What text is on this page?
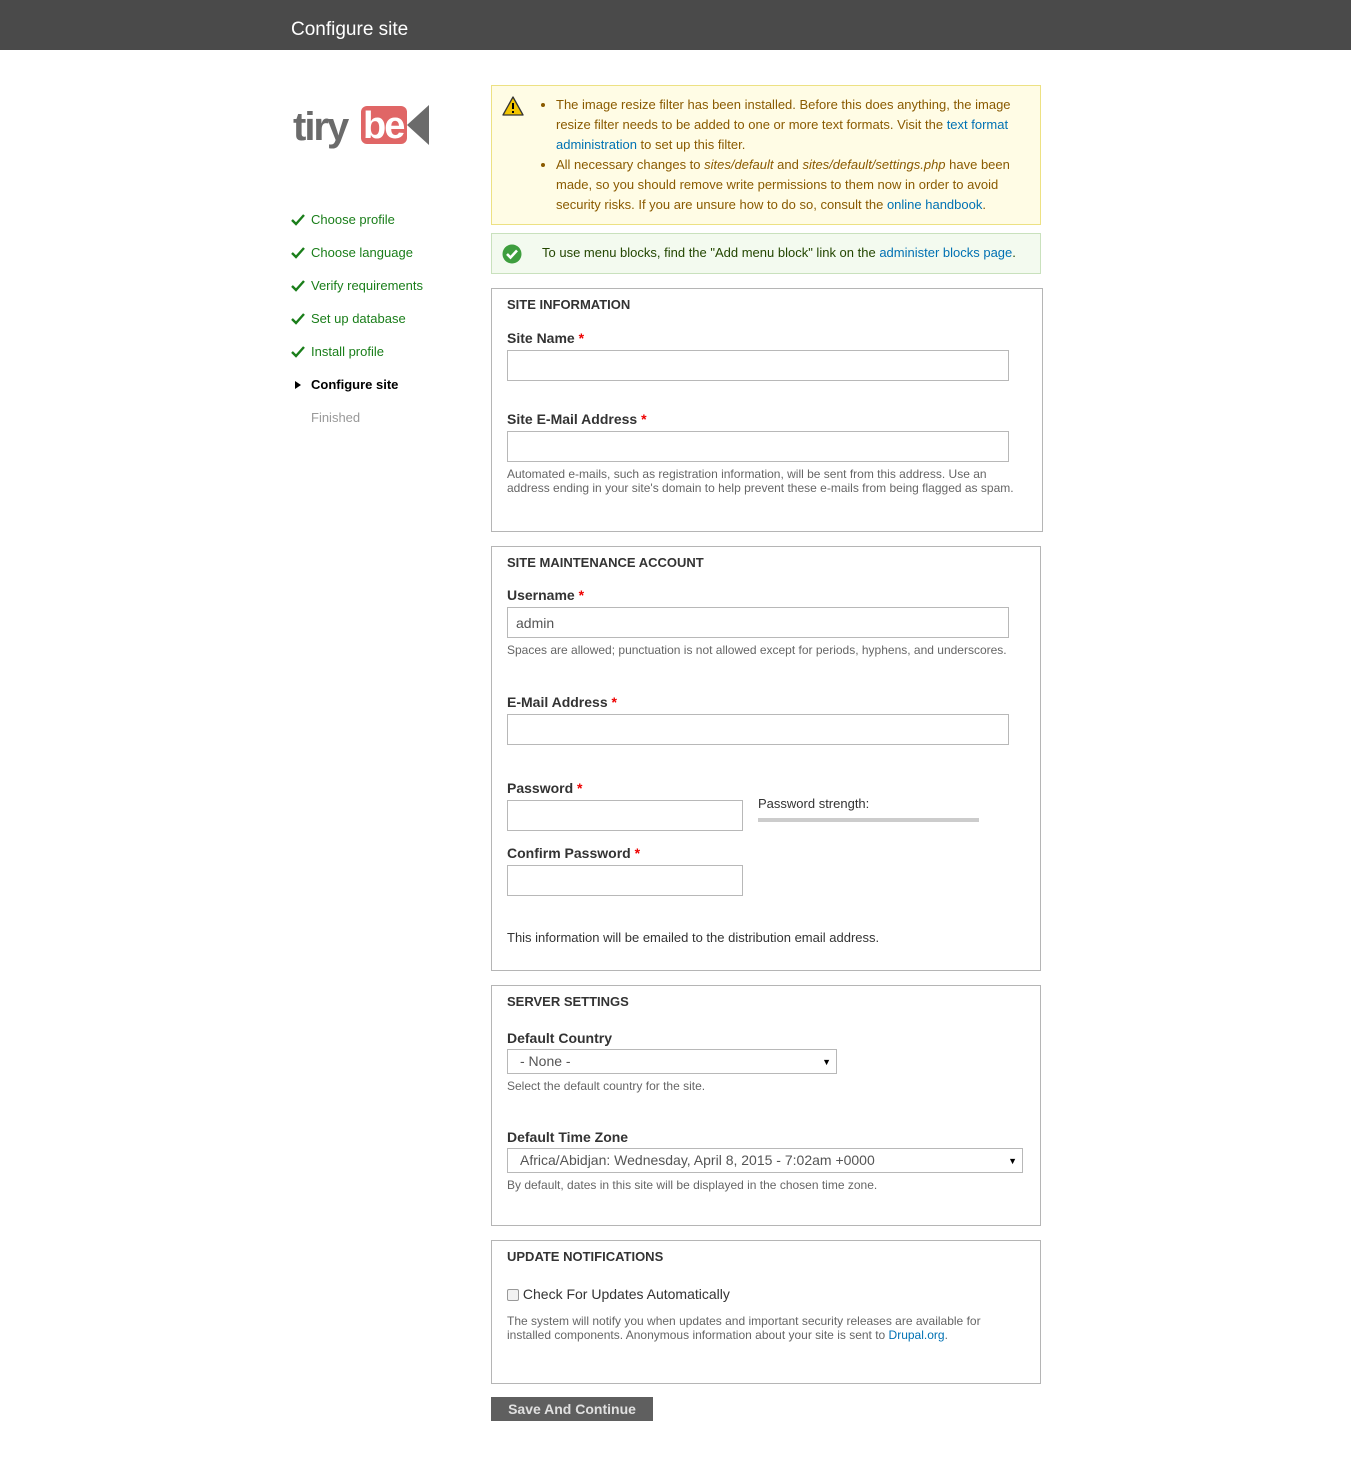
Configure site
tiry be
Choose profile
Choose language
Verify requirements
Set up database
Install profile
Configure site
Finished
• The image resize filter has been installed. Before this does anything, the image resize filter needs to be added to one or more text formats. Visit the text format administration to set up this filter.
• All necessary changes to sites/default and sites/default/settings.php have been made, so you should remove write permissions to them now in order to avoid security risks. If you are unsure how to do so, consult the online handbook.
To use menu blocks, find the "Add menu block" link on the administer blocks page.
SITE INFORMATION
Site Name *
Site E-Mail Address *
Automated e-mails, such as registration information, will be sent from this address. Use an address ending in your site's domain to help prevent these e-mails from being flagged as spam.
SITE MAINTENANCE ACCOUNT
Username *
admin
Spaces are allowed; punctuation is not allowed except for periods, hyphens, and underscores.
E-Mail Address *
Password *
Password strength:
Confirm Password *
This information will be emailed to the distribution email address.
SERVER SETTINGS
Default Country
- None -	▼
Select the default country for the site.
Default Time Zone
Africa/Abidjan: Wednesday, April 8, 2015 - 7:02am +0000	▼
By default, dates in this site will be displayed in the chosen time zone.
UPDATE NOTIFICATIONS
Check For Updates Automatically
The system will notify you when updates and important security releases are available for installed components. Anonymous information about your site is sent to Drupal.org.
Save And Continue
